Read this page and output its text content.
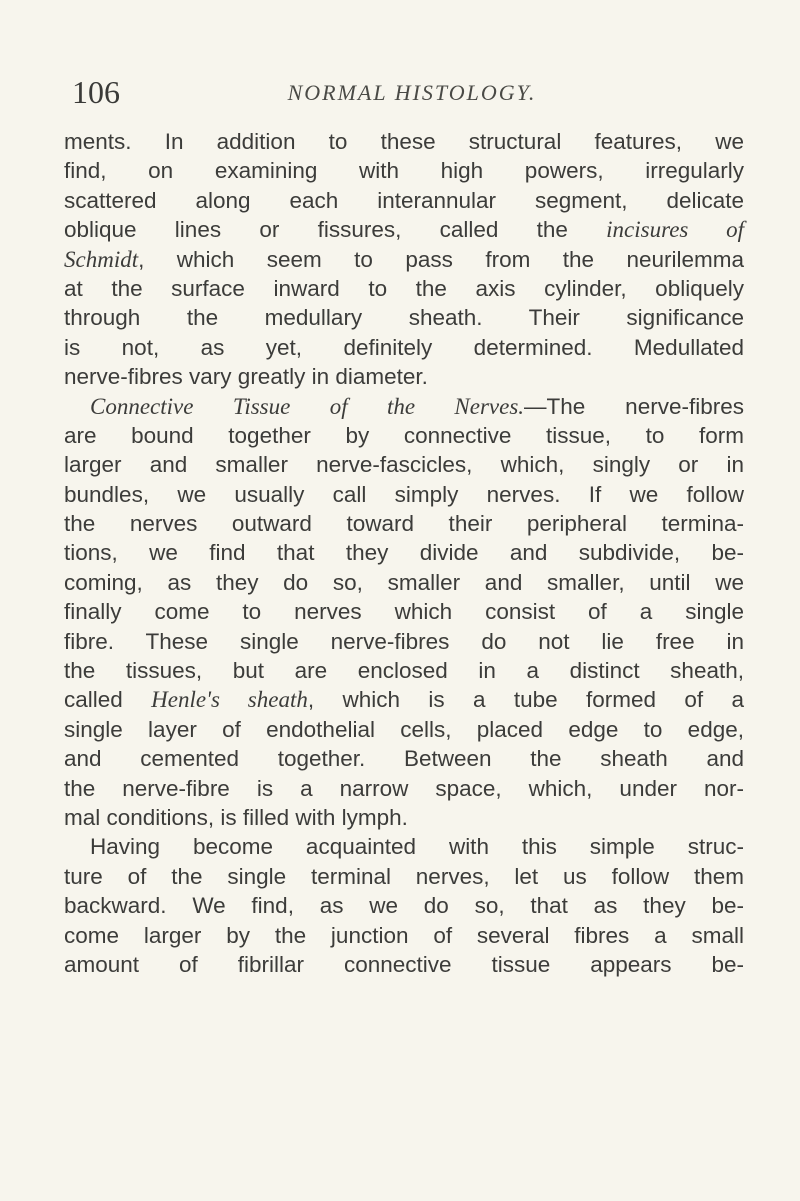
106	NORMAL HISTOLOGY.
ments. In addition to these structural features, we
find, on examining with high powers, irregularly
scattered along each interannular segment, delicate
oblique lines or fissures, called the incisures of
Schmidt, which seem to pass from the neurilemma
at the surface inward to the axis cylinder, obliquely
through the medullary sheath. Their significance
is not, as yet, definitely determined. Medullated
nerve-fibres vary greatly in diameter.
Connective Tissue of the Nerves.—The nerve-fibres
are bound together by connective tissue, to form
larger and smaller nerve-fascicles, which, singly or in
bundles, we usually call simply nerves. If we follow
the nerves outward toward their peripheral termina-
tions, we find that they divide and subdivide, be-
coming, as they do so, smaller and smaller, until we
finally come to nerves which consist of a single
fibre. These single nerve-fibres do not lie free in
the tissues, but are enclosed in a distinct sheath,
called Henle's sheath, which is a tube formed of a
single layer of endothelial cells, placed edge to edge,
and cemented together. Between the sheath and
the nerve-fibre is a narrow space, which, under nor-
mal conditions, is filled with lymph.
Having become acquainted with this simple struc-
ture of the single terminal nerves, let us follow them
backward. We find, as we do so, that as they be-
come larger by the junction of several fibres a small
amount of fibrillar connective tissue appears be-
